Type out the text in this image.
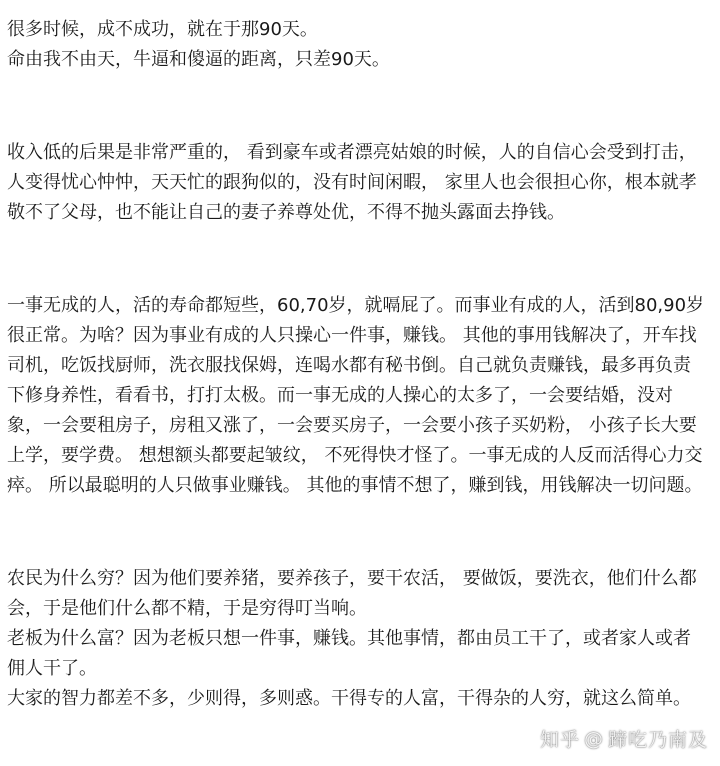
很多时候，成不成功，就在于那90天。
命由我不由天，牛逼和傻逼的距离，只差90天。
收入低的后果是非常严重的， 看到豪车或者漂亮姑娘的时候，人的自信心会受到打击，
人变得忧心忡忡，天天忙的跟狗似的，没有时间闲暇， 家里人也会很担心你，根本就孝
敬不了父母，也不能让自己的妻子养尊处优，不得不抛头露面去挣钱。
一事无成的人，活的寿命都短些，60,70岁，就嗝屁了。而事业有成的人，活到80,90岁
很正常。为啥？因为事业有成的人只操心一件事，赚钱。 其他的事用钱解决了，开车找
司机，吃饭找厨师，洗衣服找保姆，连喝水都有秘书倒。自己就负责赚钱，最多再负责
下修身养性，看看书，打打太极。而一事无成的人操心的太多了，一会要结婚，没对
象，一会要租房子，房租又涨了，一会要买房子，一会要小孩子买奶粉， 小孩子长大要
上学，要学费。 想想额头都要起皱纹， 不死得快才怪了。一事无成的人反而活得心力交
瘁。 所以最聪明的人只做事业赚钱。 其他的事情不想了，赚到钱，用钱解决一切问题。
农民为什么穷？因为他们要养猪，要养孩子，要干农活， 要做饭，要洗衣，他们什么都
会，于是他们什么都不精，于是穷得叮当响。
老板为什么富？因为老板只想一件事，赚钱。其他事情，都由员工干了，或者家人或者
佣人干了。
大家的智力都差不多，少则得，多则惑。干得专的人富，干得杂的人穷，就这么简单。
知乎 @ 蹄吃乃南及
